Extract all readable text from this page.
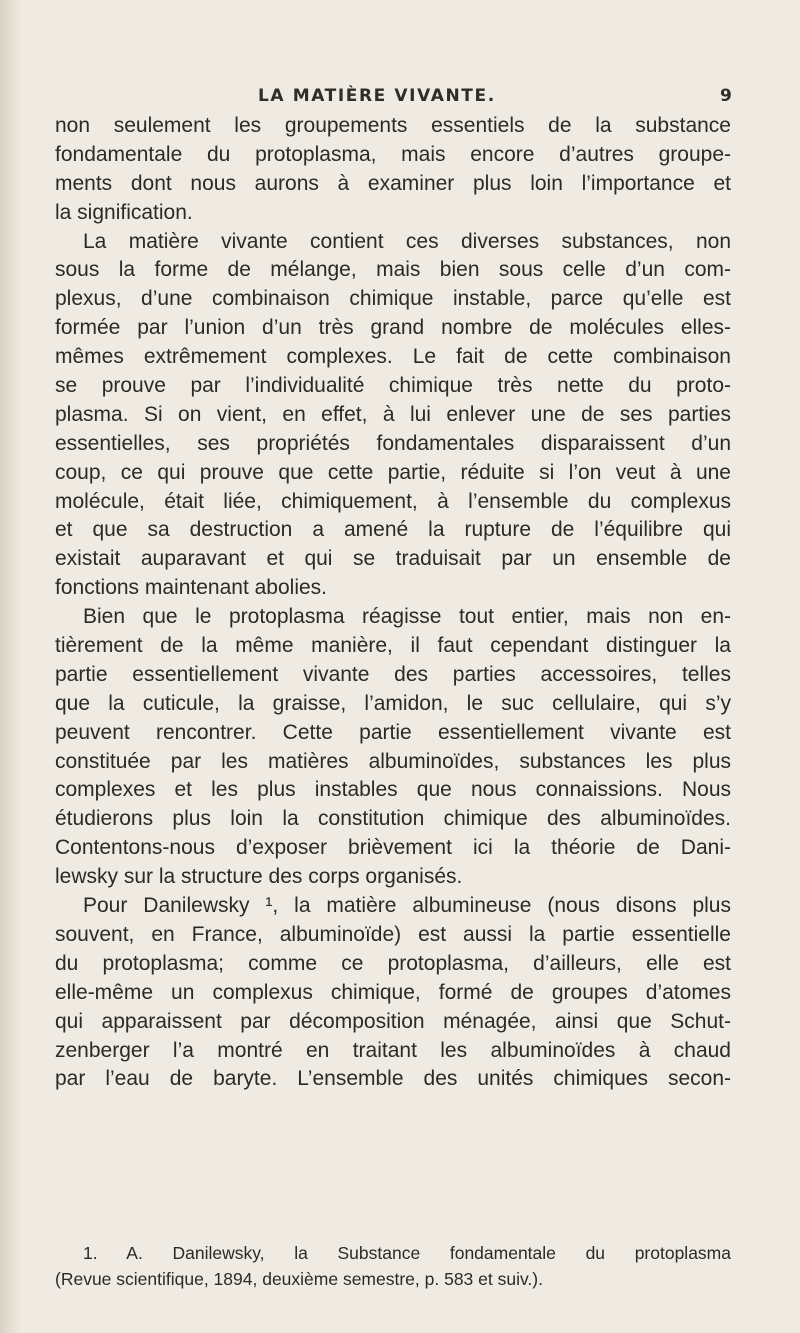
LA MATIÈRE VIVANTE.	9
non seulement les groupements essentiels de la substance
fondamentale du protoplasma, mais encore d’autres groupe-
ments dont nous aurons à examiner plus loin l’importance et
la signification.
La matière vivante contient ces diverses substances, non
sous la forme de mélange, mais bien sous celle d’un com-
plexus, d’une combinaison chimique instable, parce qu’elle est
formée par l’union d’un très grand nombre de molécules elles-
mêmes extrêmement complexes. Le fait de cette combinaison
se prouve par l’individualité chimique très nette du proto-
plasma. Si on vient, en effet, à lui enlever une de ses parties
essentielles, ses propriétés fondamentales disparaissent d’un
coup, ce qui prouve que cette partie, réduite si l’on veut à une
molécule, était liée, chimiquement, à l’ensemble du complexus
et que sa destruction a amené la rupture de l’équilibre qui
existait auparavant et qui se traduisait par un ensemble de
fonctions maintenant abolies.
Bien que le protoplasma réagisse tout entier, mais non en-
tièrement de la même manière, il faut cependant distinguer la
partie essentiellement vivante des parties accessoires, telles
que la cuticule, la graisse, l’amidon, le suc cellulaire, qui s’y
peuvent rencontrer. Cette partie essentiellement vivante est
constituée par les matières albuminoïdes, substances les plus
complexes et les plus instables que nous connaissions. Nous
étudierons plus loin la constitution chimique des albuminoïdes.
Contentons-nous d’exposer brièvement ici la théorie de Dani-
lewsky sur la structure des corps organisés.
Pour Danilewsky ¹, la matière albumineuse (nous disons plus
souvent, en France, albuminoïde) est aussi la partie essentielle
du protoplasma; comme ce protoplasma, d’ailleurs, elle est
elle-même un complexus chimique, formé de groupes d’atomes
qui apparaissent par décomposition ménagée, ainsi que Schut-
zenberger l’a montré en traitant les albuminoïdes à chaud
par l’eau de baryte. L’ensemble des unités chimiques secon-
1. A. Danilewsky, la Substance fondamentale du protoplasma
(Revue scientifique, 1894, deuxième semestre, p. 583 et suiv.).
